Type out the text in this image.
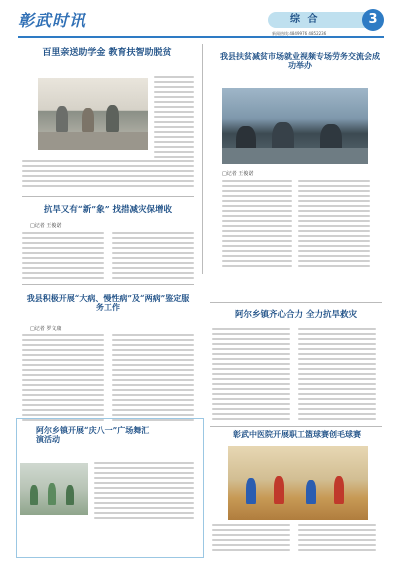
彰武时讯	综 合	3
新闻热线:4849976 4852236
百里亲送助学金 教育扶智助脱贫	我县扶贫减贫市场就业视频专场劳务交流会成功举办
□记者 王俊诺
抗旱又有“新”象” 找措减灾保增收
□记者 王俊诺
阿尔乡镇齐心合力 全力抗旱救灾
我县积极开展“大病、慢性病”及“两病”鉴定服务工作
□记者 罗文康
阿尔乡镇开展“庆八一”广场舞汇演活动
彰武中医院开展职工篮球赛创毛球赛
